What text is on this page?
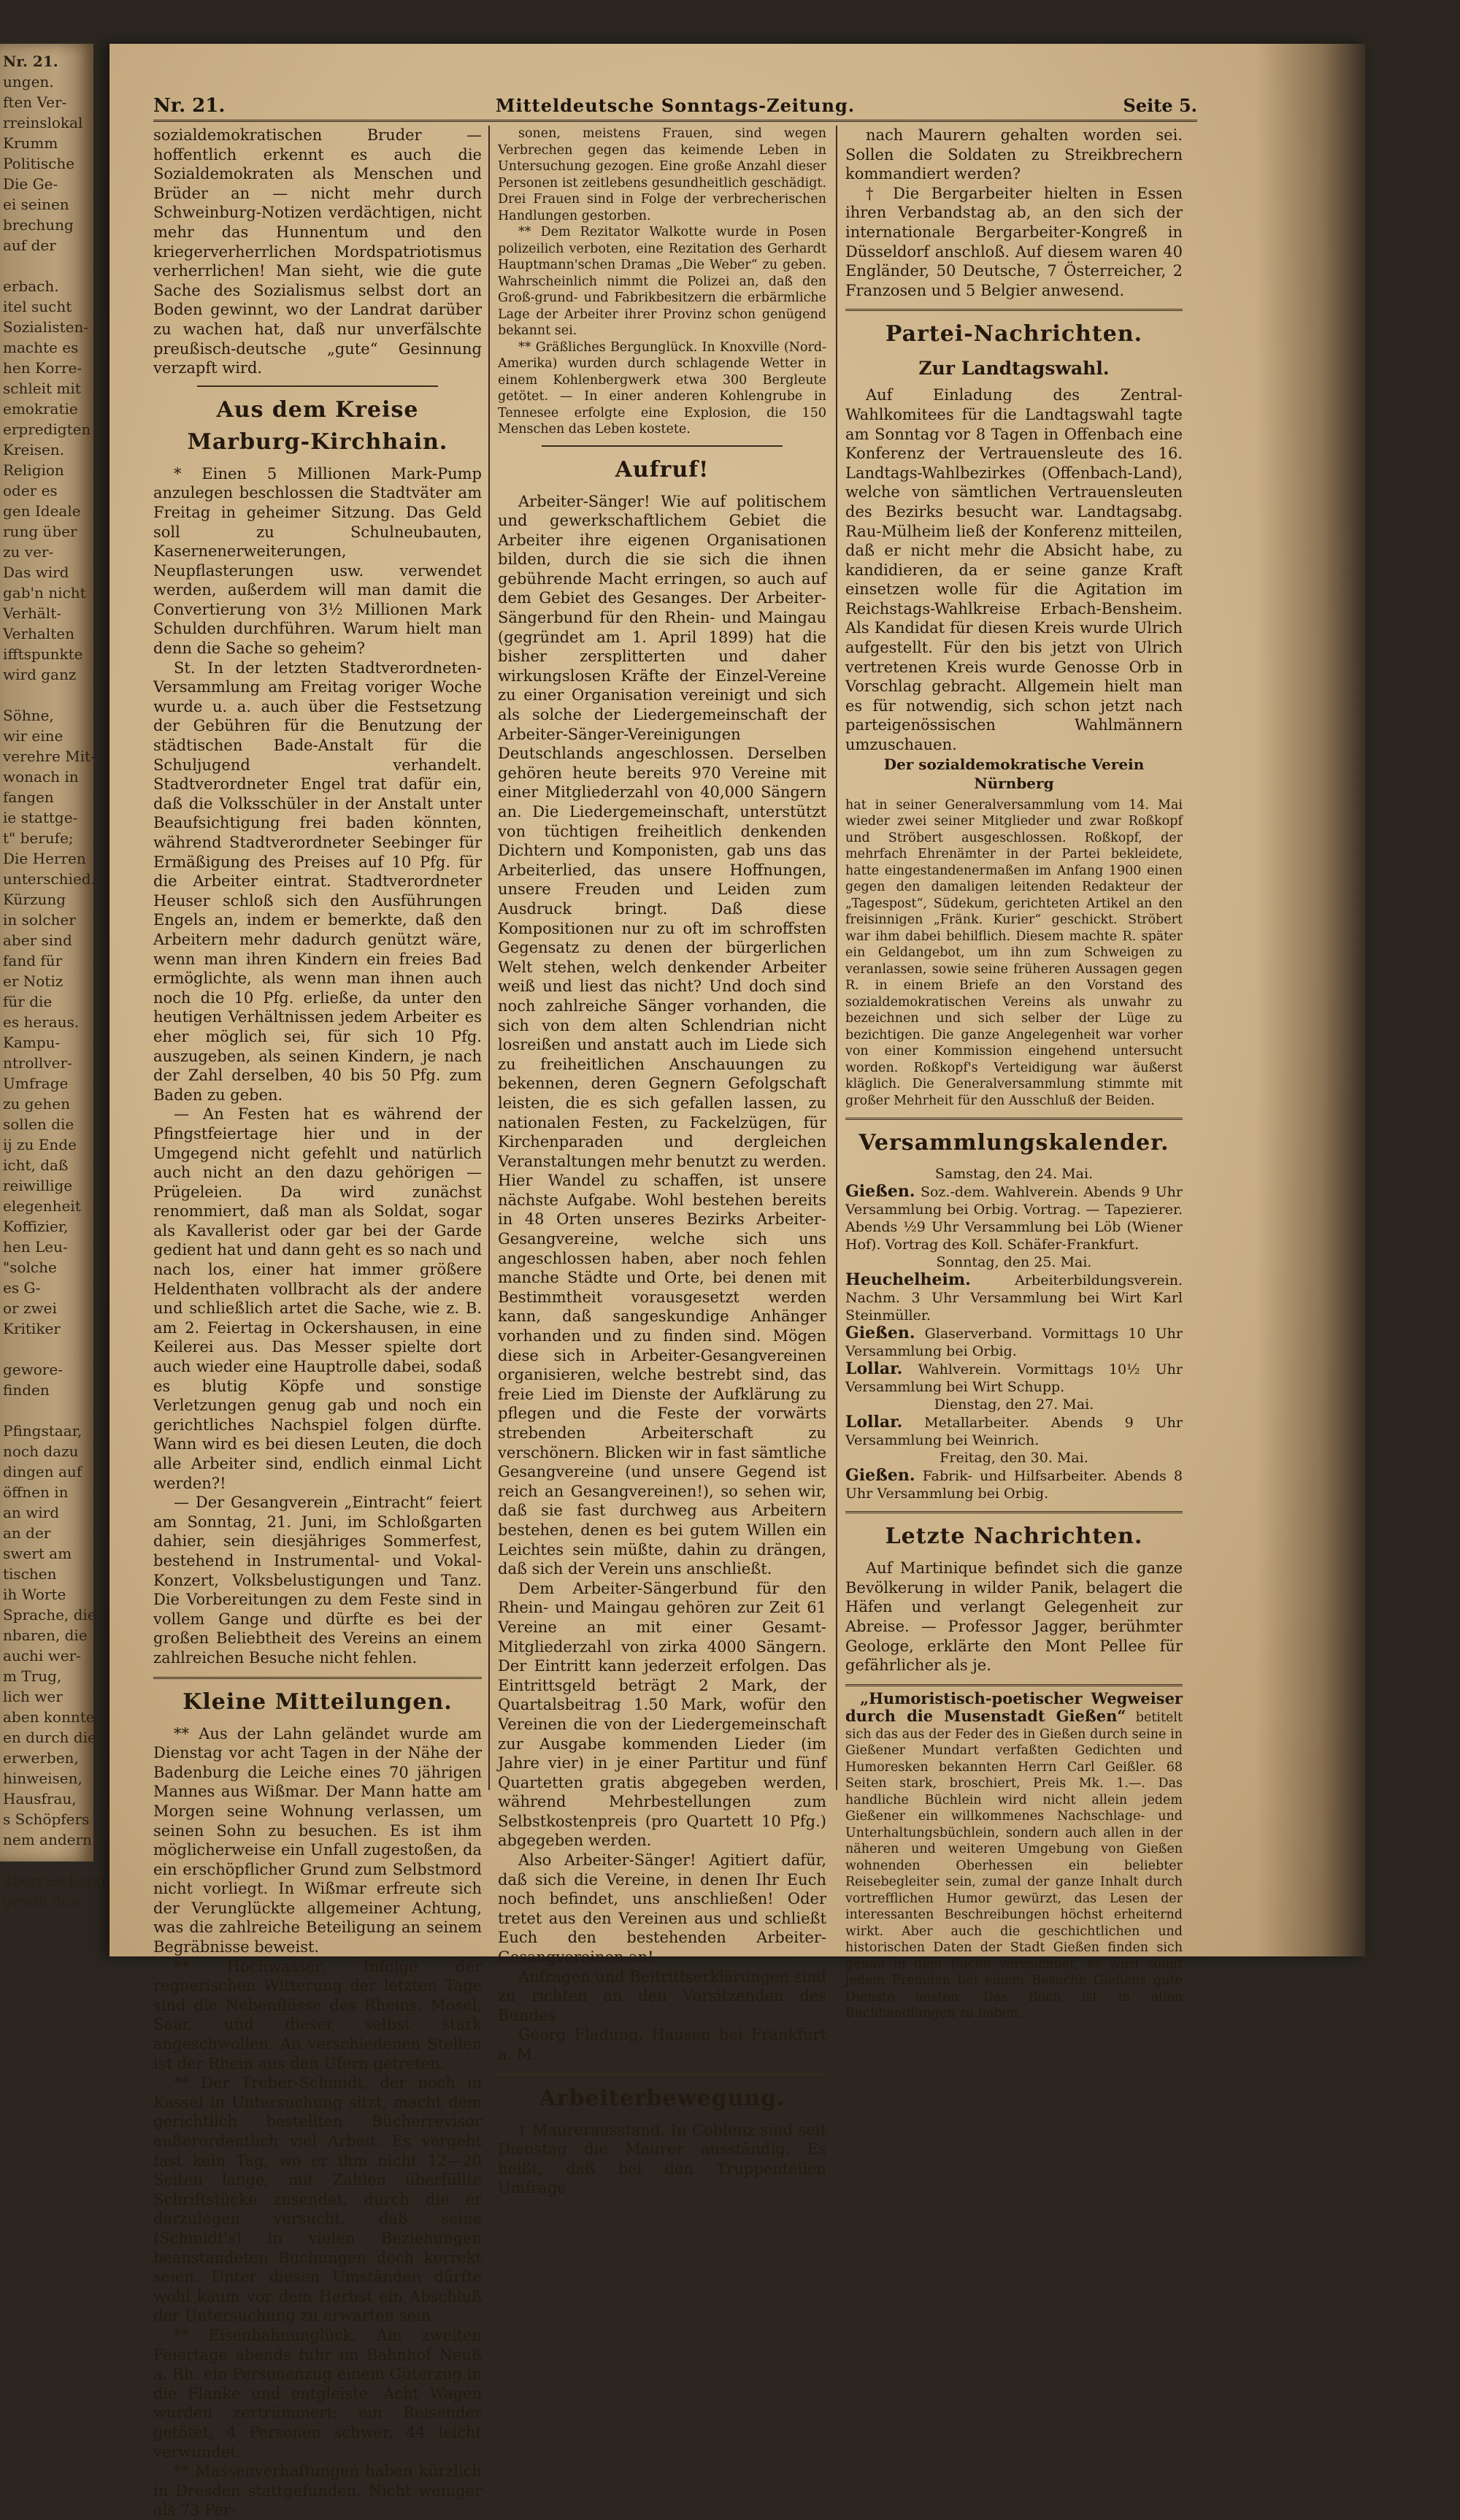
Nr. 21.
ungen.
ften Ver-
rreinslokal
Krumm
Politische
Die Ge-
ei seinen
brechung
auf der

erbach.
itel sucht
Sozialisten-
machte es
hen Korre-
schleit mit
emokratie
erpredigten
Kreisen.
Religion
oder es
gen Ideale
rung über
zu ver-
Das wird
gab'n nicht
Verhält-
Verhalten
ifftspunkte
wird ganz

Söhne,
wir eine
verehre Mit-
wonach in
fangen
ie stattge-
t" berufe;
Die Herren
unterschied.
Kürzung
in solcher
aber sind
fand für
er Notiz
für die
es heraus.
Kampu-
ntrollver-
Umfrage
zu gehen
sollen die
ij zu Ende
icht, daß
reiwillige
elegenheit
Koffizier,
hen Leu-
"solche
es G-
or zwei
Kritiker

gewore-
finden

Pfingstaar,
noch dazu
dingen auf
öffnen in
an wird
an der
swert am
tischen
ih Worte
Sprache, die
nbaren, die
auchi wer-
m Trug,
lich wer
aben konnte
en durch die
erwerben,
hinweisen,
Hausfrau,
s Schöpfers
nem andern

überraschend
gewiß den
Nr. 21.	Mitteldeutsche Sonntags-Zeitung.	Seite 5.

sozialdemokratischen Bruder — hoffentlich erkennt es auch die Sozialdemokraten als Menschen und Brüder an — nicht mehr durch Schweinburg-Notizen verdächtigen, nicht mehr das Hunnentum und den kriegerverherrlichen Mordspatriotismus verherrlichen! Man sieht, wie die gute Sache des Sozialismus selbst dort an Boden gewinnt, wo der Landrat darüber zu wachen hat, daß nur unverfälschte preußisch-deutsche „gute“ Gesinnung verzapft wird.

Aus dem Kreise Marburg-Kirchhain.

* Einen 5 Millionen Mark-Pump anzulegen beschlossen die Stadtväter am Freitag in geheimer Sitzung. Das Geld soll zu Schulneubauten, Kasernenerweiterungen, Neupflasterungen usw. verwendet werden, außerdem will man damit die Convertierung von 3½ Millionen Mark Schulden durchführen. Warum hielt man denn die Sache so geheim?

St. In der letzten Stadtverordneten-Versammlung am Freitag voriger Woche wurde u. a. auch über die Festsetzung der Gebühren für die Benutzung der städtischen Bade-Anstalt für die Schuljugend verhandelt. Stadtverordneter Engel trat dafür ein, daß die Volksschüler in der Anstalt unter Beaufsichtigung frei baden könnten, während Stadtverordneter Seebinger für Ermäßigung des Preises auf 10 Pfg. für die Arbeiter eintrat. Stadtverordneter Heuser schloß sich den Ausführungen Engels an, indem er bemerkte, daß den Arbeitern mehr dadurch genützt wäre, wenn man ihren Kindern ein freies Bad ermöglichte, als wenn man ihnen auch noch die 10 Pfg. erließe, da unter den heutigen Verhältnissen jedem Arbeiter es eher möglich sei, für sich 10 Pfg. auszugeben, als seinen Kindern, je nach der Zahl derselben, 40 bis 50 Pfg. zum Baden zu geben.

— An Festen hat es während der Pfingstfeiertage hier und in der Umgegend nicht gefehlt und natürlich auch nicht an den dazu gehörigen — Prügeleien. Da wird zunächst renommiert, daß man als Soldat, sogar als Kavallerist oder gar bei der Garde gedient hat und dann geht es so nach und nach los, einer hat immer größere Heldenthaten vollbracht als der andere und schließlich artet die Sache, wie z. B. am 2. Feiertag in Ockershausen, in eine Keilerei aus. Das Messer spielte dort auch wieder eine Hauptrolle dabei, sodaß es blutig Köpfe und sonstige Verletzungen genug gab und noch ein gerichtliches Nachspiel folgen dürfte. Wann wird es bei diesen Leuten, die doch alle Arbeiter sind, endlich einmal Licht werden?!

— Der Gesangverein „Eintracht“ feiert am Sonntag, 21. Juni, im Schloßgarten dahier, sein diesjähriges Sommerfest, bestehend in Instrumental- und Vokal-Konzert, Volksbelustigungen und Tanz. Die Vorbereitungen zu dem Feste sind in vollem Gange und dürfte es bei der großen Beliebtheit des Vereins an einem zahlreichen Besuche nicht fehlen.

Kleine Mitteilungen.

** Aus der Lahn geländet wurde am Dienstag vor acht Tagen in der Nähe der Badenburg die Leiche eines 70 jährigen Mannes aus Wißmar. Der Mann hatte am Morgen seine Wohnung verlassen, um seinen Sohn zu besuchen. Es ist ihm möglicherweise ein Unfall zugestoßen, da ein erschöpflicher Grund zum Selbstmord nicht vorliegt. In Wißmar erfreute sich der Verunglückte allgemeiner Achtung, was die zahlreiche Beteiligung an seinem Begräbnisse beweist.

** Hochwasser. Infolge der regnerischen Witterung der letzten Tage sind die Nebenflüsse des Rheins, Mosel, Saar, und dieser selbst stark angeschwollen. An verschiedenen Stellen ist der Rhein aus den Ufern getreten.

** Der Treber-Schmidt, der noch in Kassel in Untersuchung sitzt, macht dem gerichtlich bestellten Bücherrevisor außerordentlich viel Arbeit. Es vergeht fast kein Tag, wo er ihm nicht 12—20 Seiten lange, mit Zahlen überfüllte Schriftstücke zusendet, durch die er darzulegen versucht, daß seine (Schmidt's) in vielen Beziehungen beanstandeten Buchungen doch korrekt seien. Unter diesen Umständen dürfte wohl kaum vor dem Herbst ein Abschluß der Untersuchung zu erwarten sein.

** Eisenbahnunglück. Am zweiten Feiertage abends fuhr im Bahnhof Neuß a. Rh. ein Personenzug einem Güterzug in die Flanke und entgleiste. Acht Wagen wurden zertrümmert; ein Reisender getötet, 4 Personen schwer, 44 leicht verwundet.

** Massenverhaftungen haben kürzlich in Dresden stattgefunden. Nicht weniger als 73 Per-

sonen, meistens Frauen, sind wegen Verbrechen gegen das keimende Leben in Untersuchung gezogen. Eine große Anzahl dieser Personen ist zeitlebens gesundheitlich geschädigt. Drei Frauen sind in Folge der verbrecherischen Handlungen gestorben.

** Dem Rezitator Walkotte wurde in Posen polizeilich verboten, eine Rezitation des Gerhardt Hauptmann'schen Dramas „Die Weber“ zu geben. Wahrscheinlich nimmt die Polizei an, daß den Groß-grund- und Fabrikbesitzern die erbärmliche Lage der Arbeiter ihrer Provinz schon genügend bekannt sei.

** Gräßliches Bergunglück. In Knoxville (Nord-Amerika) wurden durch schlagende Wetter in einem Kohlenbergwerk etwa 300 Bergleute getötet. — In einer anderen Kohlengrube in Tennesee erfolgte eine Explosion, die 150 Menschen das Leben kostete.

Aufruf!

Arbeiter-Sänger! Wie auf politischem und gewerkschaftlichem Gebiet die Arbeiter ihre eigenen Organisationen bilden, durch die sie sich die ihnen gebührende Macht erringen, so auch auf dem Gebiet des Gesanges. Der Arbeiter-Sängerbund für den Rhein- und Maingau (gegründet am 1. April 1899) hat die bisher zersplitterten und daher wirkungslosen Kräfte der Einzel-Vereine zu einer Organisation vereinigt und sich als solche der Liedergemeinschaft der Arbeiter-Sänger-Vereinigungen Deutschlands angeschlossen. Derselben gehören heute bereits 970 Vereine mit einer Mitgliederzahl von 40,000 Sängern an. Die Liedergemeinschaft, unterstützt von tüchtigen freiheitlich denkenden Dichtern und Komponisten, gab uns das Arbeiterlied, das unsere Hoffnungen, unsere Freuden und Leiden zum Ausdruck bringt. Daß diese Kompositionen nur zu oft im schroffsten Gegensatz zu denen der bürgerlichen Welt stehen, welch denkender Arbeiter weiß und liest das nicht? Und doch sind noch zahlreiche Sänger vorhanden, die sich von dem alten Schlendrian nicht losreißen und anstatt auch im Liede sich zu freiheitlichen Anschauungen zu bekennen, deren Gegnern Gefolgschaft leisten, die es sich gefallen lassen, zu nationalen Festen, zu Fackelzügen, für Kirchenparaden und dergleichen Veranstaltungen mehr benutzt zu werden. Hier Wandel zu schaffen, ist unsere nächste Aufgabe. Wohl bestehen bereits in 48 Orten unseres Bezirks Arbeiter-Gesangvereine, welche sich uns angeschlossen haben, aber noch fehlen manche Städte und Orte, bei denen mit Bestimmtheit vorausgesetzt werden kann, daß sangeskundige Anhänger vorhanden und zu finden sind. Mögen diese sich in Arbeiter-Gesangvereinen organisieren, welche bestrebt sind, das freie Lied im Dienste der Aufklärung zu pflegen und die Feste der vorwärts strebenden Arbeiterschaft zu verschönern. Blicken wir in fast sämtliche Gesangvereine (und unsere Gegend ist reich an Gesangvereinen!), so sehen wir, daß sie fast durchweg aus Arbeitern bestehen, denen es bei gutem Willen ein Leichtes sein müßte, dahin zu drängen, daß sich der Verein uns anschließt.

Dem Arbeiter-Sängerbund für den Rhein- und Maingau gehören zur Zeit 61 Vereine an mit einer Gesamt-Mitgliederzahl von zirka 4000 Sängern. Der Eintritt kann jederzeit erfolgen. Das Eintrittsgeld beträgt 2 Mark, der Quartalsbeitrag 1.50 Mark, wofür den Vereinen die von der Liedergemeinschaft zur Ausgabe kommenden Lieder (im Jahre vier) in je einer Partitur und fünf Quartetten gratis abgegeben werden, während Mehrbestellungen zum Selbstkostenpreis (pro Quartett 10 Pfg.) abgegeben werden.

Also Arbeiter-Sänger! Agitiert dafür, daß sich die Vereine, in denen Ihr Euch noch befindet, uns anschließen! Oder tretet aus den Vereinen aus und schließt Euch den bestehenden Arbeiter-Gesangvereinen an!

Anfragen und Beitrittserklärungen sind zu richten an den Vorsitzenden des Bundes

Georg Fladung, Hausen bei Frankfurt a. M.

Arbeiterbewegung.

† Maurerausstand. In Coblenz sind seit Dienstag die Maurer ausständig. Es heißt, daß bei den Truppenteilen Umfrage

nach Maurern gehalten worden sei. Sollen die Soldaten zu Streikbrechern kommandiert werden?

† Die Bergarbeiter hielten in Essen ihren Verbandstag ab, an den sich der internationale Bergarbeiter-Kongreß in Düsseldorf anschloß. Auf diesem waren 40 Engländer, 50 Deutsche, 7 Österreicher, 2 Franzosen und 5 Belgier anwesend.

Partei-Nachrichten.
Zur Landtagswahl.

Auf Einladung des Zentral-Wahlkomitees für die Landtagswahl tagte am Sonntag vor 8 Tagen in Offenbach eine Konferenz der Vertrauensleute des 16. Landtags-Wahlbezirkes (Offenbach-Land), welche von sämtlichen Vertrauensleuten des Bezirks besucht war. Landtagsabg. Rau-Mülheim ließ der Konferenz mitteilen, daß er nicht mehr die Absicht habe, zu kandidieren, da er seine ganze Kraft einsetzen wolle für die Agitation im Reichstags-Wahlkreise Erbach-Bensheim. Als Kandidat für diesen Kreis wurde Ulrich aufgestellt. Für den bis jetzt von Ulrich vertretenen Kreis wurde Genosse Orb in Vorschlag gebracht. Allgemein hielt man es für notwendig, sich schon jetzt nach parteigenössischen Wahlmännern umzuschauen.

Der sozialdemokratische Verein Nürnberg

hat in seiner Generalversammlung vom 14. Mai wieder zwei seiner Mitglieder und zwar Roßkopf und Ströbert ausgeschlossen. Roßkopf, der mehrfach Ehrenämter in der Partei bekleidete, hatte eingestandenermaßen im Anfang 1900 einen gegen den damaligen leitenden Redakteur der „Tagespost“, Südekum, gerichteten Artikel an den freisinnigen „Fränk. Kurier“ geschickt. Ströbert war ihm dabei behilflich. Diesem machte R. später ein Geldangebot, um ihn zum Schweigen zu veranlassen, sowie seine früheren Aussagen gegen R. in einem Briefe an den Vorstand des sozialdemokratischen Vereins als unwahr zu bezeichnen und sich selber der Lüge zu bezichtigen. Die ganze Angelegenheit war vorher von einer Kommission eingehend untersucht worden. Roßkopf's Verteidigung war äußerst kläglich. Die Generalversammlung stimmte mit großer Mehrheit für den Ausschluß der Beiden.

Versammlungskalender.
Samstag, den 24. Mai.
Gießen. Soz.-dem. Wahlverein. Abends 9 Uhr Versammlung bei Orbig. Vortrag. — Tapezierer. Abends ½9 Uhr Versammlung bei Löb (Wiener Hof). Vortrag des Koll. Schäfer-Frankfurt.
Sonntag, den 25. Mai.
Heuchelheim. Arbeiterbildungsverein. Nachm. 3 Uhr Versammlung bei Wirt Karl Steinmüller.
Gießen. Glaserverband. Vormittags 10 Uhr Versammlung bei Orbig.
Lollar. Wahlverein. Vormittags 10½ Uhr Versammlung bei Wirt Schupp.
Dienstag, den 27. Mai.
Lollar. Metallarbeiter. Abends 9 Uhr Versammlung bei Weinrich.
Freitag, den 30. Mai.
Gießen. Fabrik- und Hilfsarbeiter. Abends 8 Uhr Versammlung bei Orbig.
Letzte Nachrichten.

Auf Martinique befindet sich die ganze Bevölkerung in wilder Panik, belagert die Häfen und verlangt Gelegenheit zur Abreise. — Professor Jagger, berühmter Geologe, erklärte den Mont Pellee für gefährlicher als je.

„Humoristisch-poetischer Wegweiser durch die Musenstadt Gießen“ betitelt sich das aus der Feder des in Gießen durch seine in Gießener Mundart verfaßten Gedichten und Humoresken bekannten Herrn Carl Geißler. 68 Seiten stark, broschiert, Preis Mk. 1.—. Das handliche Büchlein wird nicht allein jedem Gießener ein willkommenes Nachschlage- und Unterhaltungsbüchlein, sondern auch allen in der näheren und weiteren Umgebung von Gießen wohnenden Oberhessen ein beliebter Reisebegleiter sein, zumal der ganze Inhalt durch vortrefflichen Humor gewürzt, das Lesen der interessanten Beschreibungen höchst erheiternd wirkt. Aber auch die geschichtlichen und historischen Daten der Stadt Gießen finden sich genau in dem Buche verzeichnet, es wird somit jedem Fremden bei einem Besuche Gießens gute Dienste leisten. Das Buch ist in allen Buchhandlungen zu haben.
